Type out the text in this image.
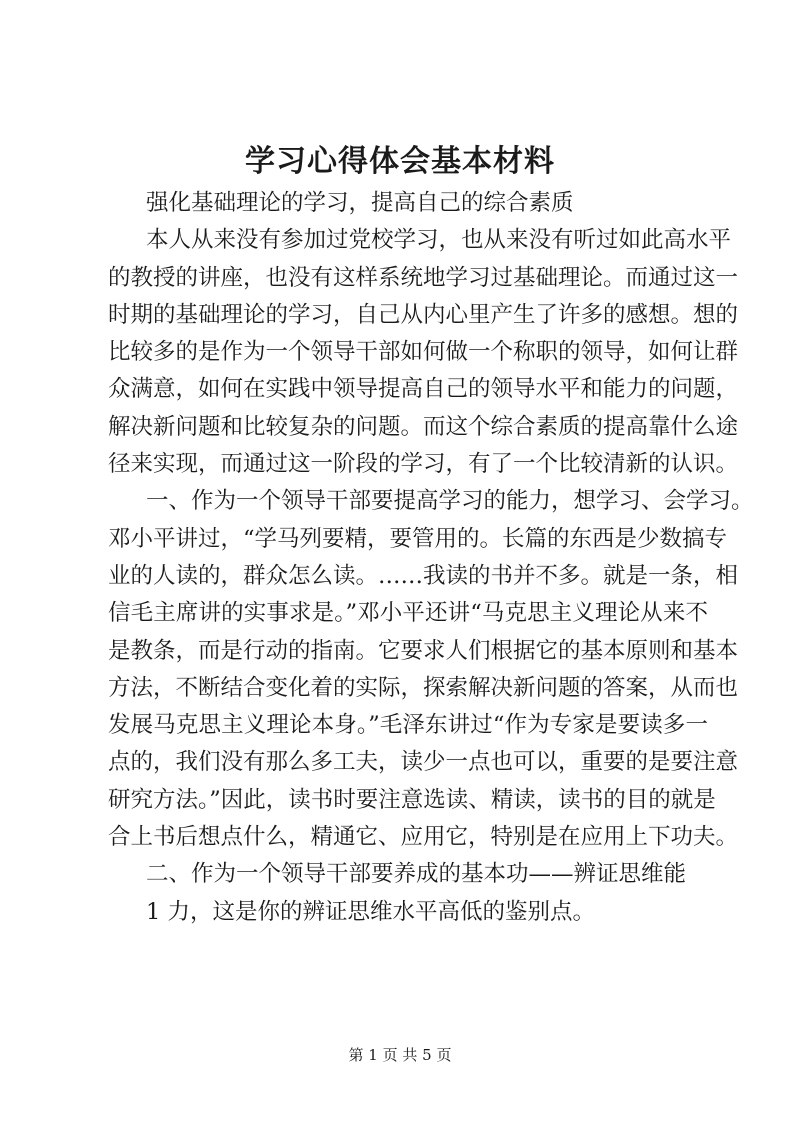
学习心得体会基本材料
强化基础理论的学习，提高自己的综合素质
本人从来没有参加过党校学习，也从来没有听过如此高水平
的教授的讲座，也没有这样系统地学习过基础理论。而通过这一
时期的基础理论的学习，自己从内心里产生了许多的感想。想的
比较多的是作为一个领导干部如何做一个称职的领导，如何让群
众满意，如何在实践中领导提高自己的领导水平和能力的问题，
解决新问题和比较复杂的问题。而这个综合素质的提高靠什么途
径来实现，而通过这一阶段的学习，有了一个比较清新的认识。
一、作为一个领导干部要提高学习的能力，想学习、会学习。
邓小平讲过，“学马列要精，要管用的。长篇的东西是少数搞专
业的人读的，群众怎么读。……我读的书并不多。就是一条，相
信毛主席讲的实事求是。”邓小平还讲“马克思主义理论从来不
是教条，而是行动的指南。它要求人们根据它的基本原则和基本
方法，不断结合变化着的实际，探索解决新问题的答案，从而也
发展马克思主义理论本身。”毛泽东讲过“作为专家是要读多一
点的，我们没有那么多工夫，读少一点也可以，重要的是要注意
研究方法。”因此，读书时要注意选读、精读，读书的目的就是
合上书后想点什么，精通它、应用它，特别是在应用上下功夫。
二、作为一个领导干部要养成的基本功——辨证思维能
1 力，这是你的辨证思维水平高低的鉴别点。
第 1 页 共 5 页
